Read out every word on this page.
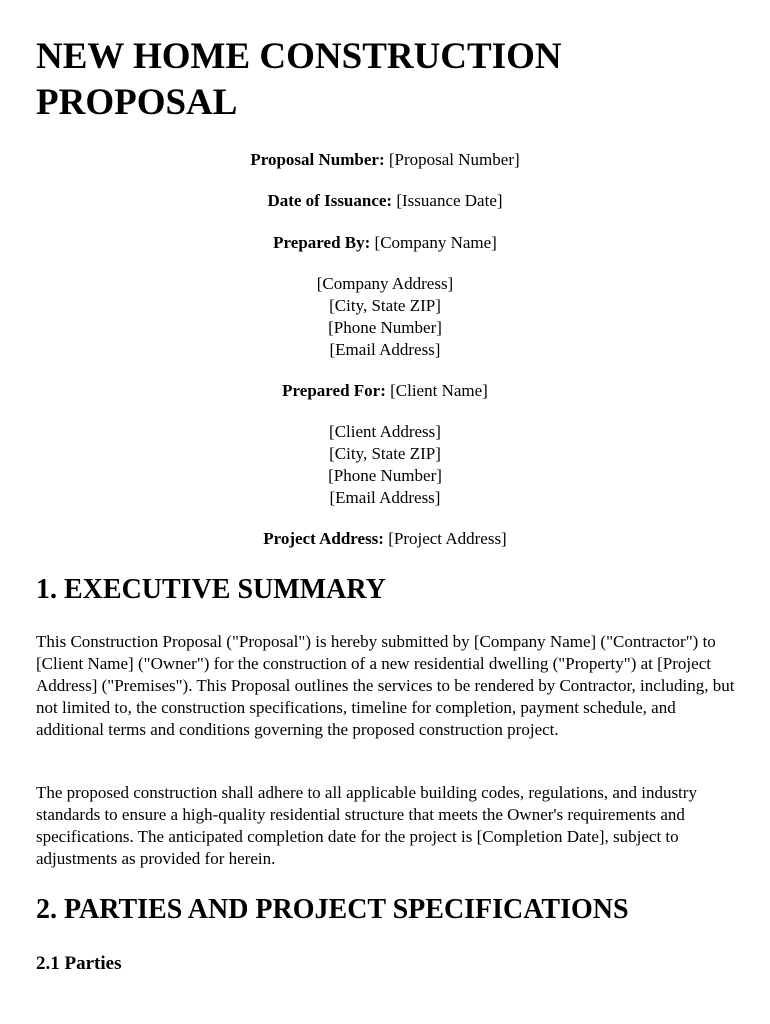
NEW HOME CONSTRUCTION PROPOSAL
Proposal Number: [Proposal Number]
Date of Issuance: [Issuance Date]
Prepared By: [Company Name]
[Company Address]
[City, State ZIP]
[Phone Number]
[Email Address]
Prepared For: [Client Name]
[Client Address]
[City, State ZIP]
[Phone Number]
[Email Address]
Project Address: [Project Address]
1. EXECUTIVE SUMMARY

This Construction Proposal ("Proposal") is hereby submitted by [Company Name] ("Contractor") to [Client Name] ("Owner") for the construction of a new residential dwelling ("Property") at [Project Address] ("Premises"). This Proposal outlines the services to be rendered by Contractor, including, but not limited to, the construction specifications, timeline for completion, payment schedule, and additional terms and conditions governing the proposed construction project.

The proposed construction shall adhere to all applicable building codes, regulations, and industry standards to ensure a high-quality residential structure that meets the Owner's requirements and specifications. The anticipated completion date for the project is [Completion Date], subject to adjustments as provided for herein.

2. PARTIES AND PROJECT SPECIFICATIONS
2.1 Parties
